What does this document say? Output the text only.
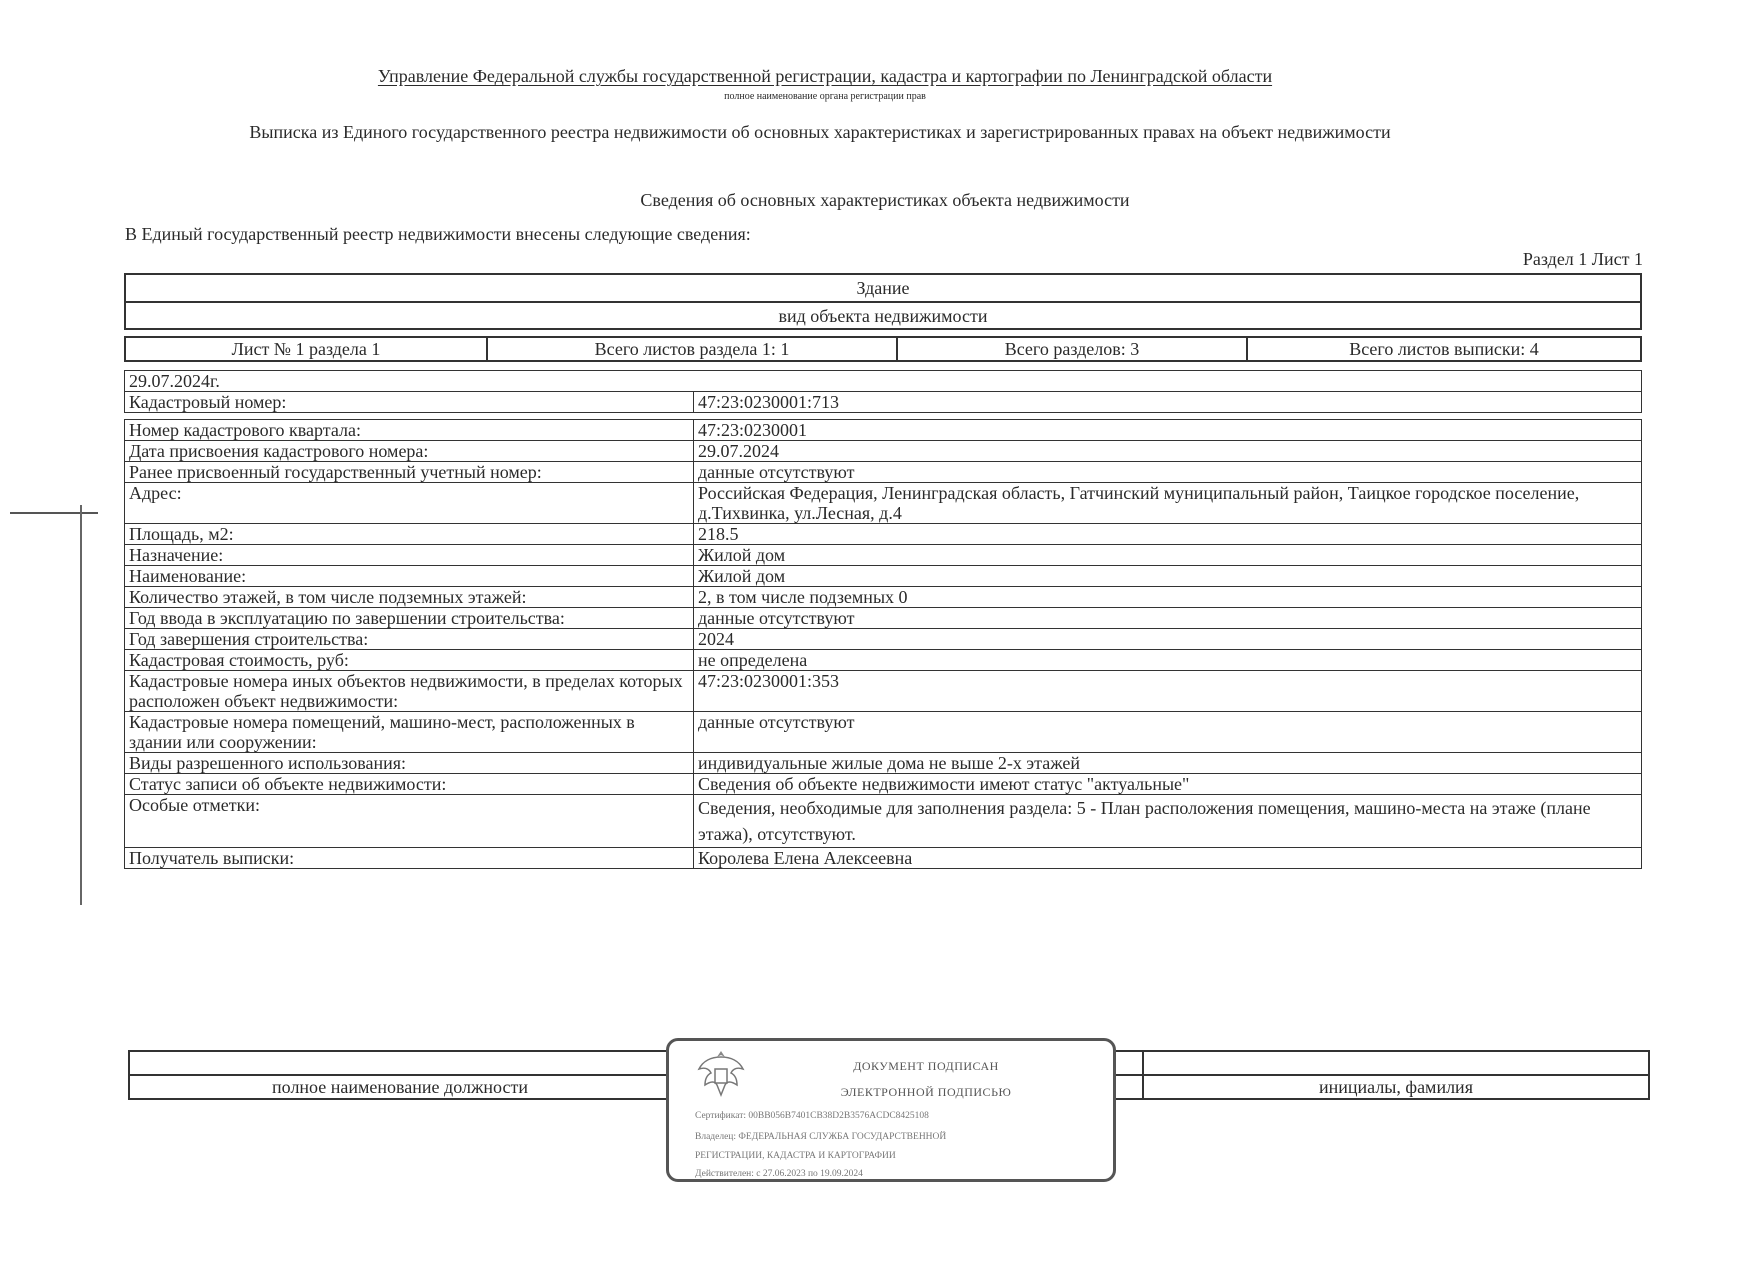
Управление Федеральной службы государственной регистрации, кадастра и картографии по Ленинградской области
полное наименование органа регистрации прав
Выписка из Единого государственного реестра недвижимости об основных характеристиках и зарегистрированных правах на объект недвижимости
Сведения об основных характеристиках объекта недвижимости
В Единый государственный реестр недвижимости внесены следующие сведения:
Раздел 1 Лист 1
Здание
вид объекта недвижимости
Лист № 1 раздела 1	Всего листов раздела 1: 1	Всего разделов: 3	Всего листов выписки: 4
29.07.2024г.	
Кадастровый номер:	47:23:0230001:713

Номер кадастрового квартала:	47:23:0230001
Дата присвоения кадастрового номера:	29.07.2024
Ранее присвоенный государственный учетный номер:	данные отсутствуют
Адрес:	Российская Федерация, Ленинградская область, Гатчинский муниципальный район, Таицкое городское поселение, д.Тихвинка, ул.Лесная, д.4
Площадь, м2:	218.5
Назначение:	Жилой дом
Наименование:	Жилой дом
Количество этажей, в том числе подземных этажей:	2, в том числе подземных 0
Год ввода в эксплуатацию по завершении строительства:	данные отсутствуют
Год завершения строительства:	2024
Кадастровая стоимость, руб:	не определена
Кадастровые номера иных объектов недвижимости, в пределах которых расположен объект недвижимости:	47:23:0230001:353
Кадастровые номера помещений, машино-мест, расположенных в здании или сооружении:	данные отсутствуют
Виды разрешенного использования:	индивидуальные жилые дома не выше 2-х этажей
Статус записи об объекте недвижимости:	Сведения об объекте недвижимости имеют статус "актуальные"
Особые отметки:	Сведения, необходимые для заполнения раздела: 5 - План расположения помещения, машино-места на этаже (плане этажа), отсутствуют.
Получатель выписки:	Королева Елена Алексеевна

полное наименование должности		инициалы, фамилия
ДОКУМЕНТ ПОДПИСАН
ЭЛЕКТРОННОЙ ПОДПИСЬЮ
Сертификат: 00BB056B7401CB38D2B3576ACDC8425108
Владелец: ФЕДЕРАЛЬНАЯ СЛУЖБА ГОСУДАРСТВЕННОЙ
РЕГИСТРАЦИИ, КАДАСТРА И КАРТОГРАФИИ
Действителен: с 27.06.2023 по 19.09.2024
